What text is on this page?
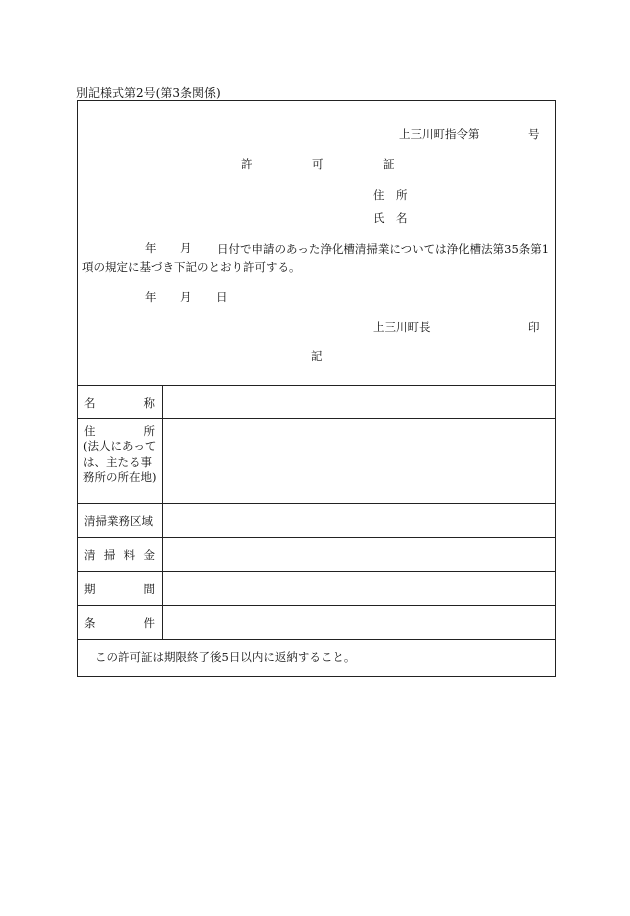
別記様式第2号(第3条関係)
上三川町指令第	号
許	可	証
住 所
氏 名
年 月	日付で申請のあった浄化槽清掃業については浄化槽法第35条第1項の規定に基づき下記のとおり許可する。
年 月 日
上三川町長	印
記
名	称
住	所
(法人にあっては、主たる事務所の所在地)
清掃業務区域
清 掃 料 金
期	間
条	件
この許可証は期限終了後5日以内に返納すること。
